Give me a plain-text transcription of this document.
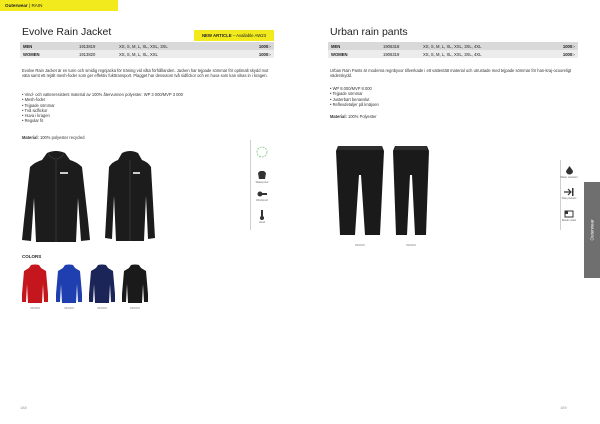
Outerwear | RAIN
Evolve Rain Jacket	NEW ARTICLE – Available AW23
MEN	1913819	XS, S, M, L, XL, XXL, 3XL	1000:-
WOMEN	1913820	XS, S, M, L, XL, XXL	1000:-

Evolve Rain Jacket är en tunn och smidig regnjacka för träning vid våta förhållanden. Jacken har tejpade sömmar för optimalt skydd mot väta samt ett rejält mesh-foder som ger effektiv fukttransport. Plagget har dessutom två sidfickor och en huva som kan vikas in i kragen.

• Vind- och vattenresistent material av 100% återvunnen polyester. WP 3 000/MVP 3 000
• Mesh-foder
• Tejpade sömmar
• Två sidfickor
• Huva i kragen
• Regular fit
Material: 100% polyester recycled
COLORS
430000	346000	396000	999000
Waterproof
Windproof
Hood
Urban rain pants
MEN	1906318	XS, S, M, L, XL, XXL, 3XL, 4XL	1000:-
WOMEN	1906319	XS, S, M, L, XL, XXL, 3XL, 4XL	1000:-

Urban Rain Pants är moderna regnbyxor tillverkade i ett vattentätt material och utrustade med tejpade sömmar för han-kraj-ocooreligt väderskydd.

• WP 8.000/MVP 8.000
• Tejpade sömmar
• Justerbart benavslut
• Reflexdetaljer på knäjoen
Material: 100% Polyester
999000	999000
Water resistant
Side pockets
Elastic waist	Outerwear
188	189
